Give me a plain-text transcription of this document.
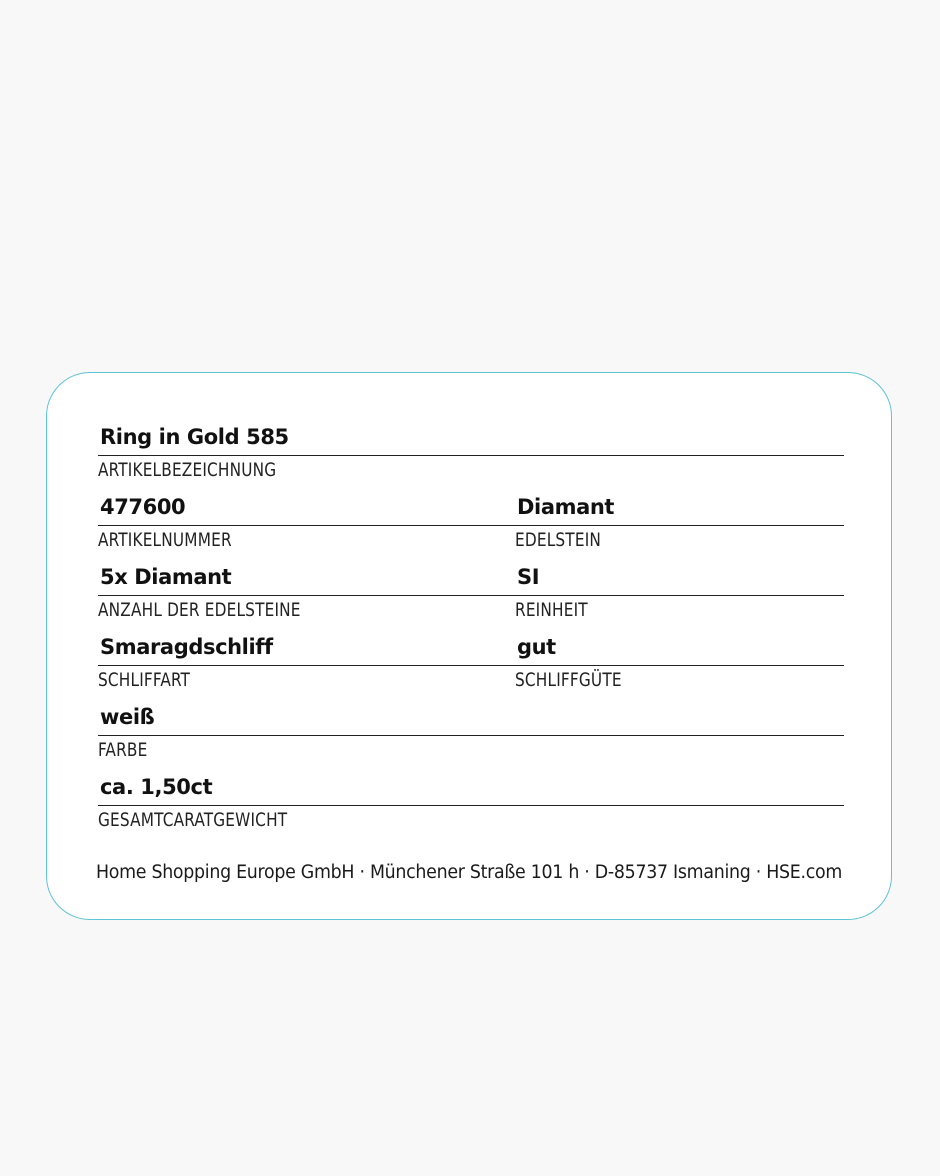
Ring in Gold 585
ARTIKELBEZEICHNUNG
477600
ARTIKELNUMMER
Diamant
EDELSTEIN
5x Diamant
ANZAHL DER EDELSTEINE
SI
REINHEIT
Smaragdschliff
SCHLIFFART
gut
SCHLIFFGÜTE
weiß
FARBE
ca. 1,50ct
GESAMTCARATGEWICHT
Home Shopping Europe GmbH · Münchener Straße 101 h · D-85737 Ismaning · HSE.com
